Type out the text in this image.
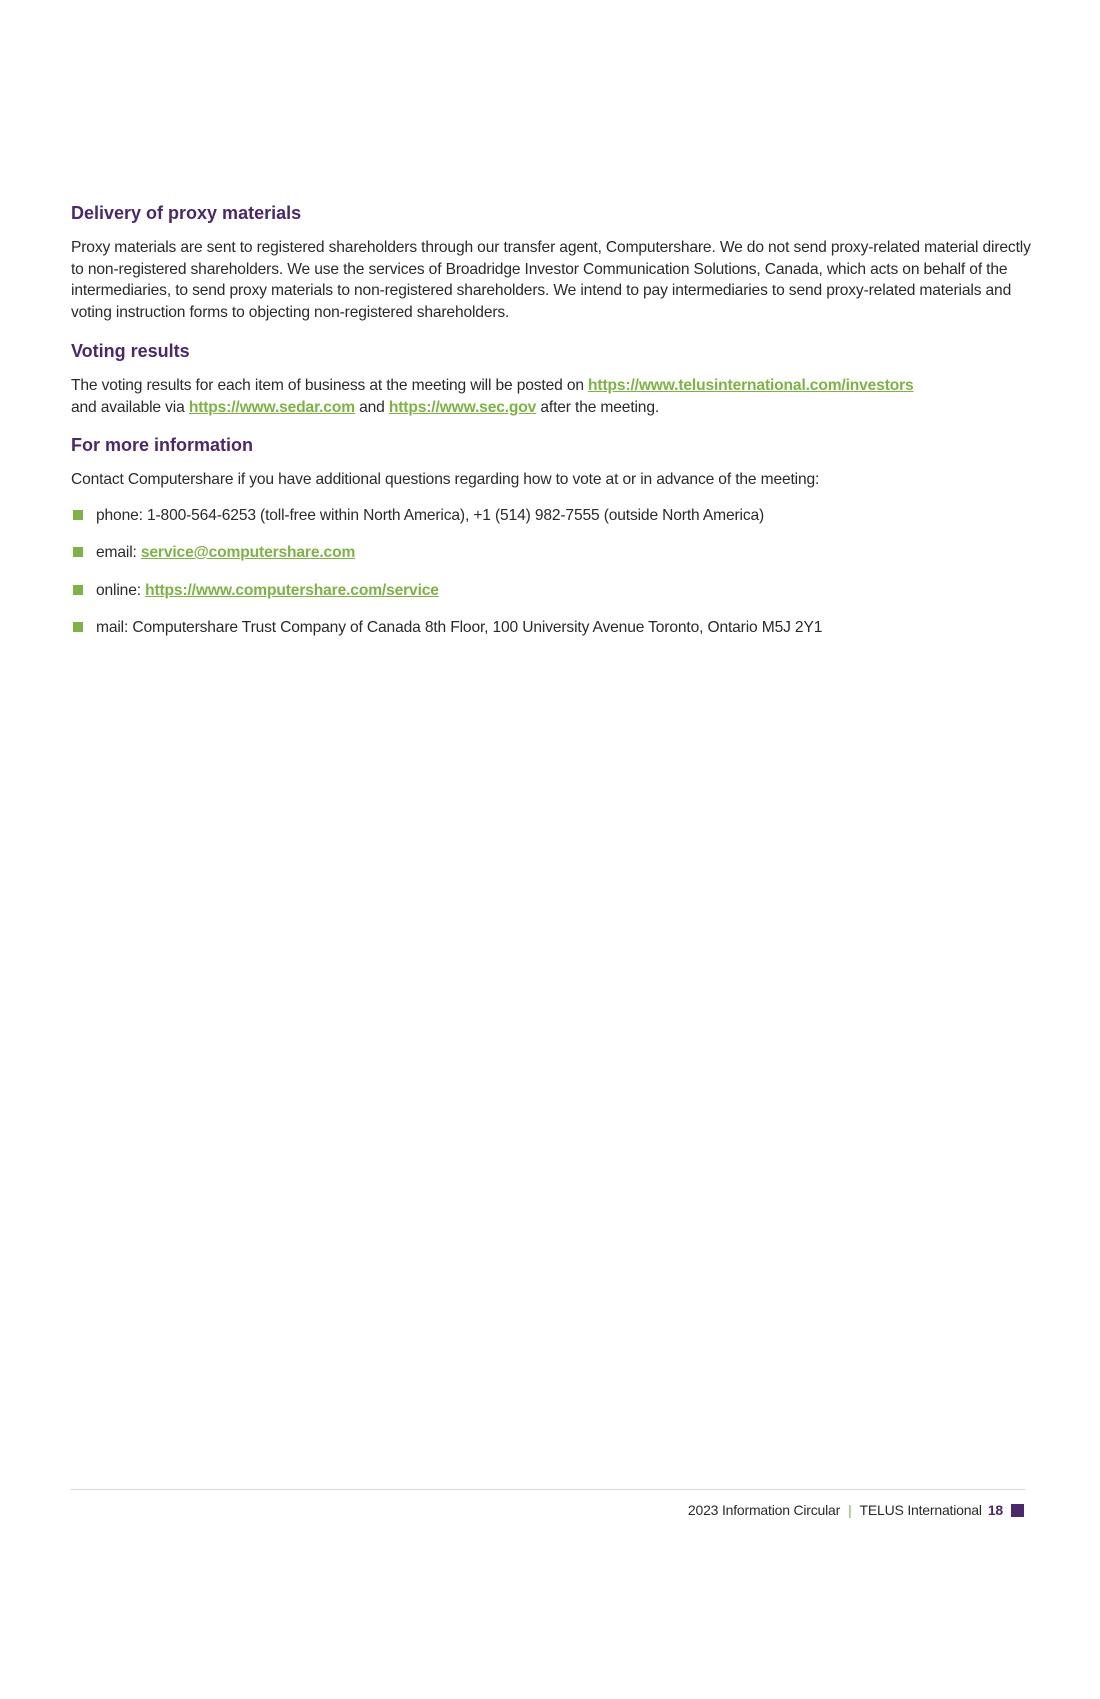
Delivery of proxy materials

Proxy materials are sent to registered shareholders through our transfer agent, Computershare. We do not send proxy-related material directly to non-registered shareholders. We use the services of Broadridge Investor Communication Solutions, Canada, which acts on behalf of the intermediaries, to send proxy materials to non-registered shareholders. We intend to pay intermediaries to send proxy-related materials and voting instruction forms to objecting non-registered shareholders.

Voting results

The voting results for each item of business at the meeting will be posted on https://www.telusinternational.com/investors
and available via https://www.sedar.com and https://www.sec.gov after the meeting.

For more information

Contact Computershare if you have additional questions regarding how to vote at or in advance of the meeting:

phone: 1-800-564-6253 (toll-free within North America), +1 (514) 982-7555 (outside North America)
email: service@computershare.com
online: https://www.computershare.com/service
mail: Computershare Trust Company of Canada 8th Floor, 100 University Avenue Toronto, Ontario M5J 2Y1
2023 Information Circular | TELUS International 18
